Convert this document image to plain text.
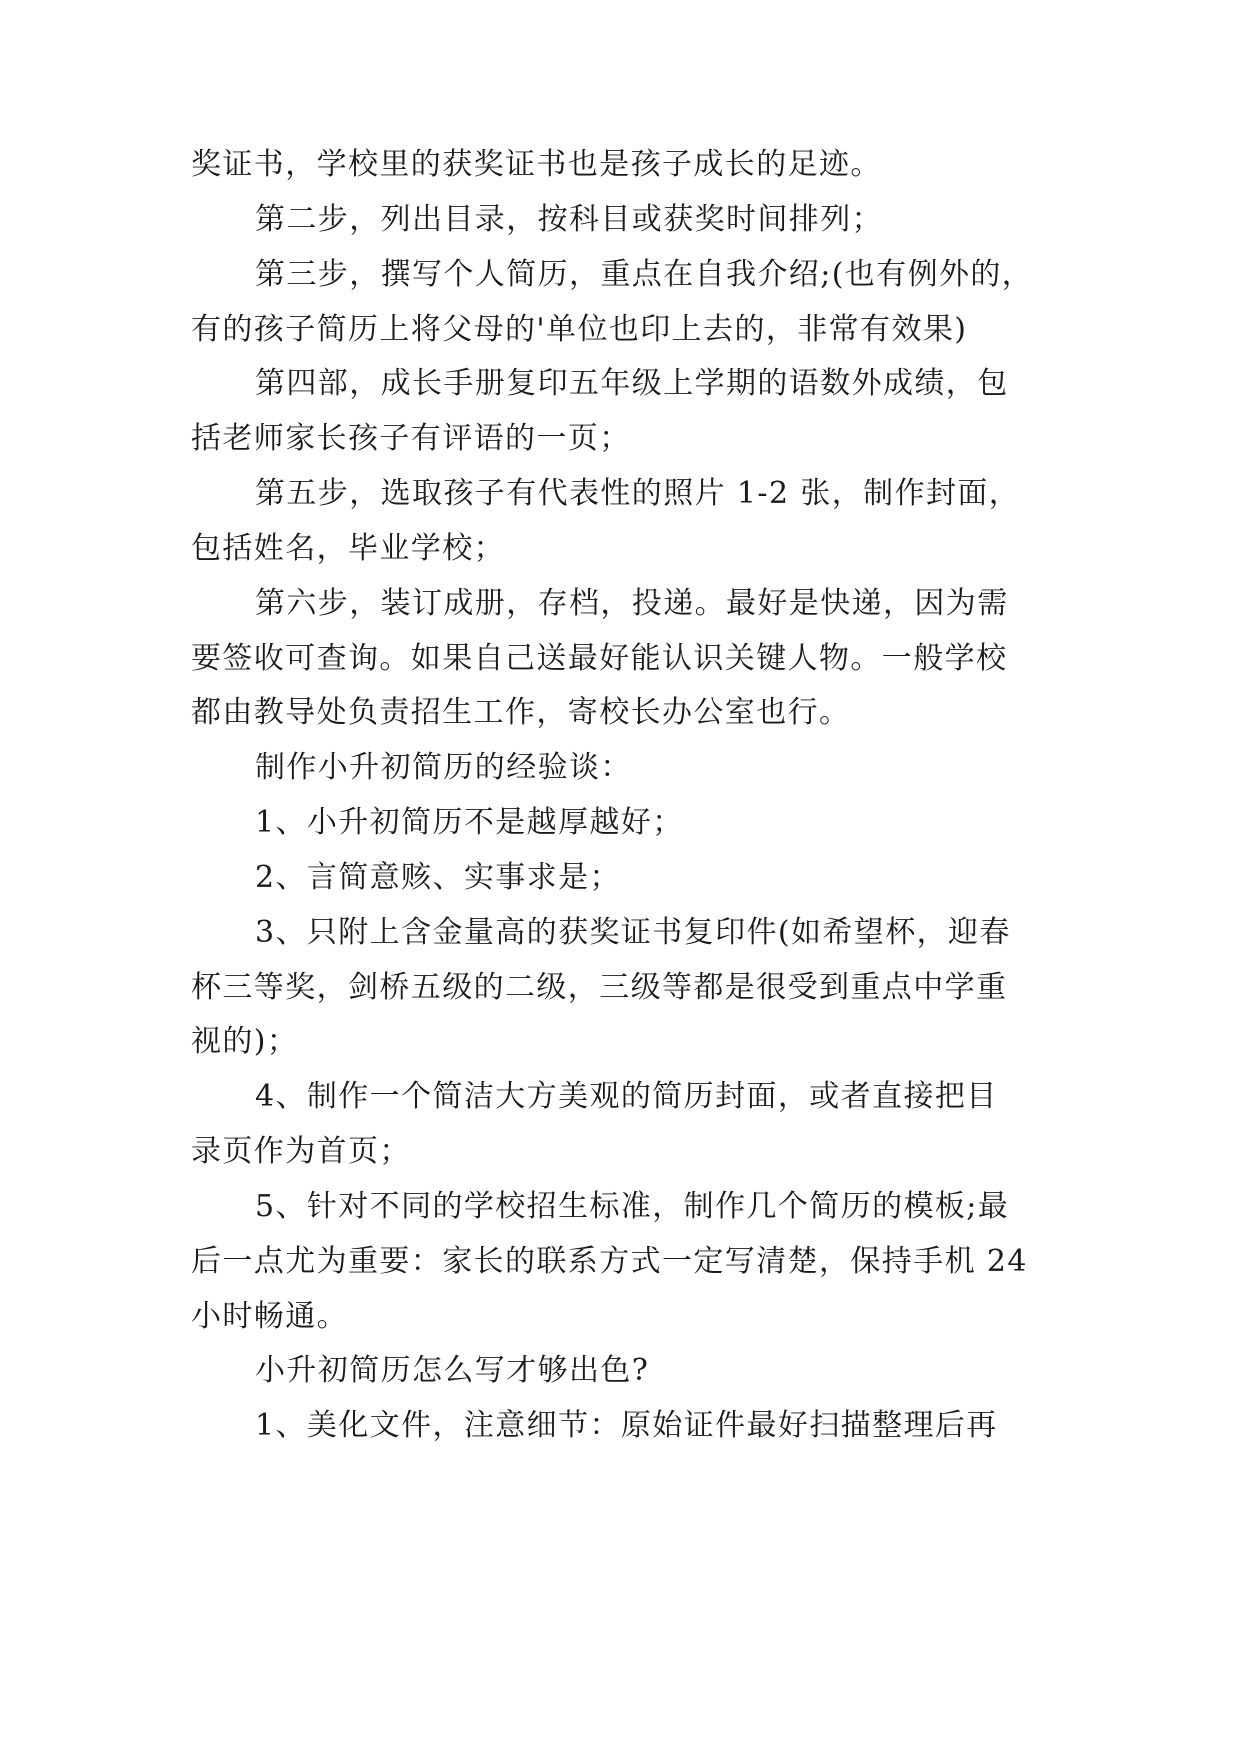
奖证书，学校里的获奖证书也是孩子成长的足迹。

第二步，列出目录，按科目或获奖时间排列；

第三步，撰写个人简历，重点在自我介绍;(也有例外的，

有的孩子简历上将父母的'单位也印上去的，非常有效果)

第四部，成长手册复印五年级上学期的语数外成绩，包

括老师家长孩子有评语的一页；

第五步，选取孩子有代表性的照片 1-2 张，制作封面，

包括姓名，毕业学校；

第六步，装订成册，存档，投递。最好是快递，因为需

要签收可查询。如果自己送最好能认识关键人物。一般学校

都由教导处负责招生工作，寄校长办公室也行。

制作小升初简历的经验谈：

1、小升初简历不是越厚越好；

2、言简意赅、实事求是；

3、只附上含金量高的获奖证书复印件(如希望杯，迎春

杯三等奖，剑桥五级的二级，三级等都是很受到重点中学重

视的)；

4、制作一个简洁大方美观的简历封面，或者直接把目

录页作为首页；

5、针对不同的学校招生标准，制作几个简历的模板;最

后一点尤为重要：家长的联系方式一定写清楚，保持手机 24

小时畅通。

小升初简历怎么写才够出色?

1、美化文件，注意细节：原始证件最好扫描整理后再
